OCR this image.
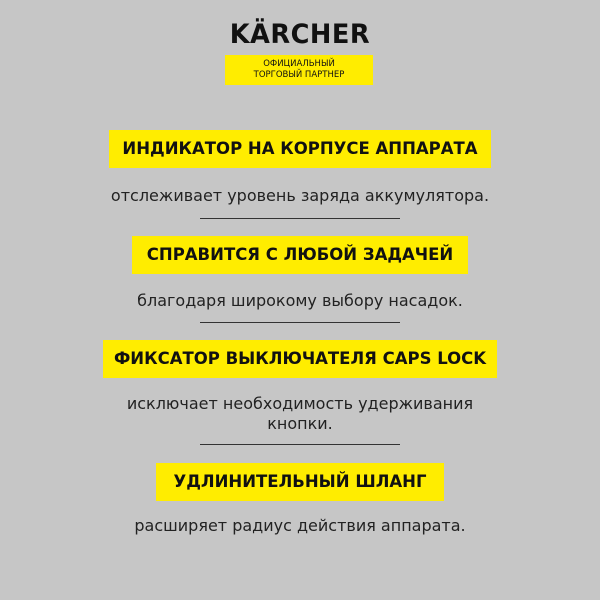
KÄRCHER
ОФИЦИАЛЬНЫЙ
ТОРГОВЫЙ ПАРТНЕР
ИНДИКАТОР НА КОРПУСЕ АППАРАТА
отслеживает уровень заряда аккумулятора.
СПРАВИТСЯ С ЛЮБОЙ ЗАДАЧЕЙ
благодаря широкому выбору насадок.
ФИКСАТОР ВЫКЛЮЧАТЕЛЯ CAPS LOCK
исключает необходимость удерживания
кнопки.
УДЛИНИТЕЛЬНЫЙ ШЛАНГ
расширяет радиус действия аппарата.
